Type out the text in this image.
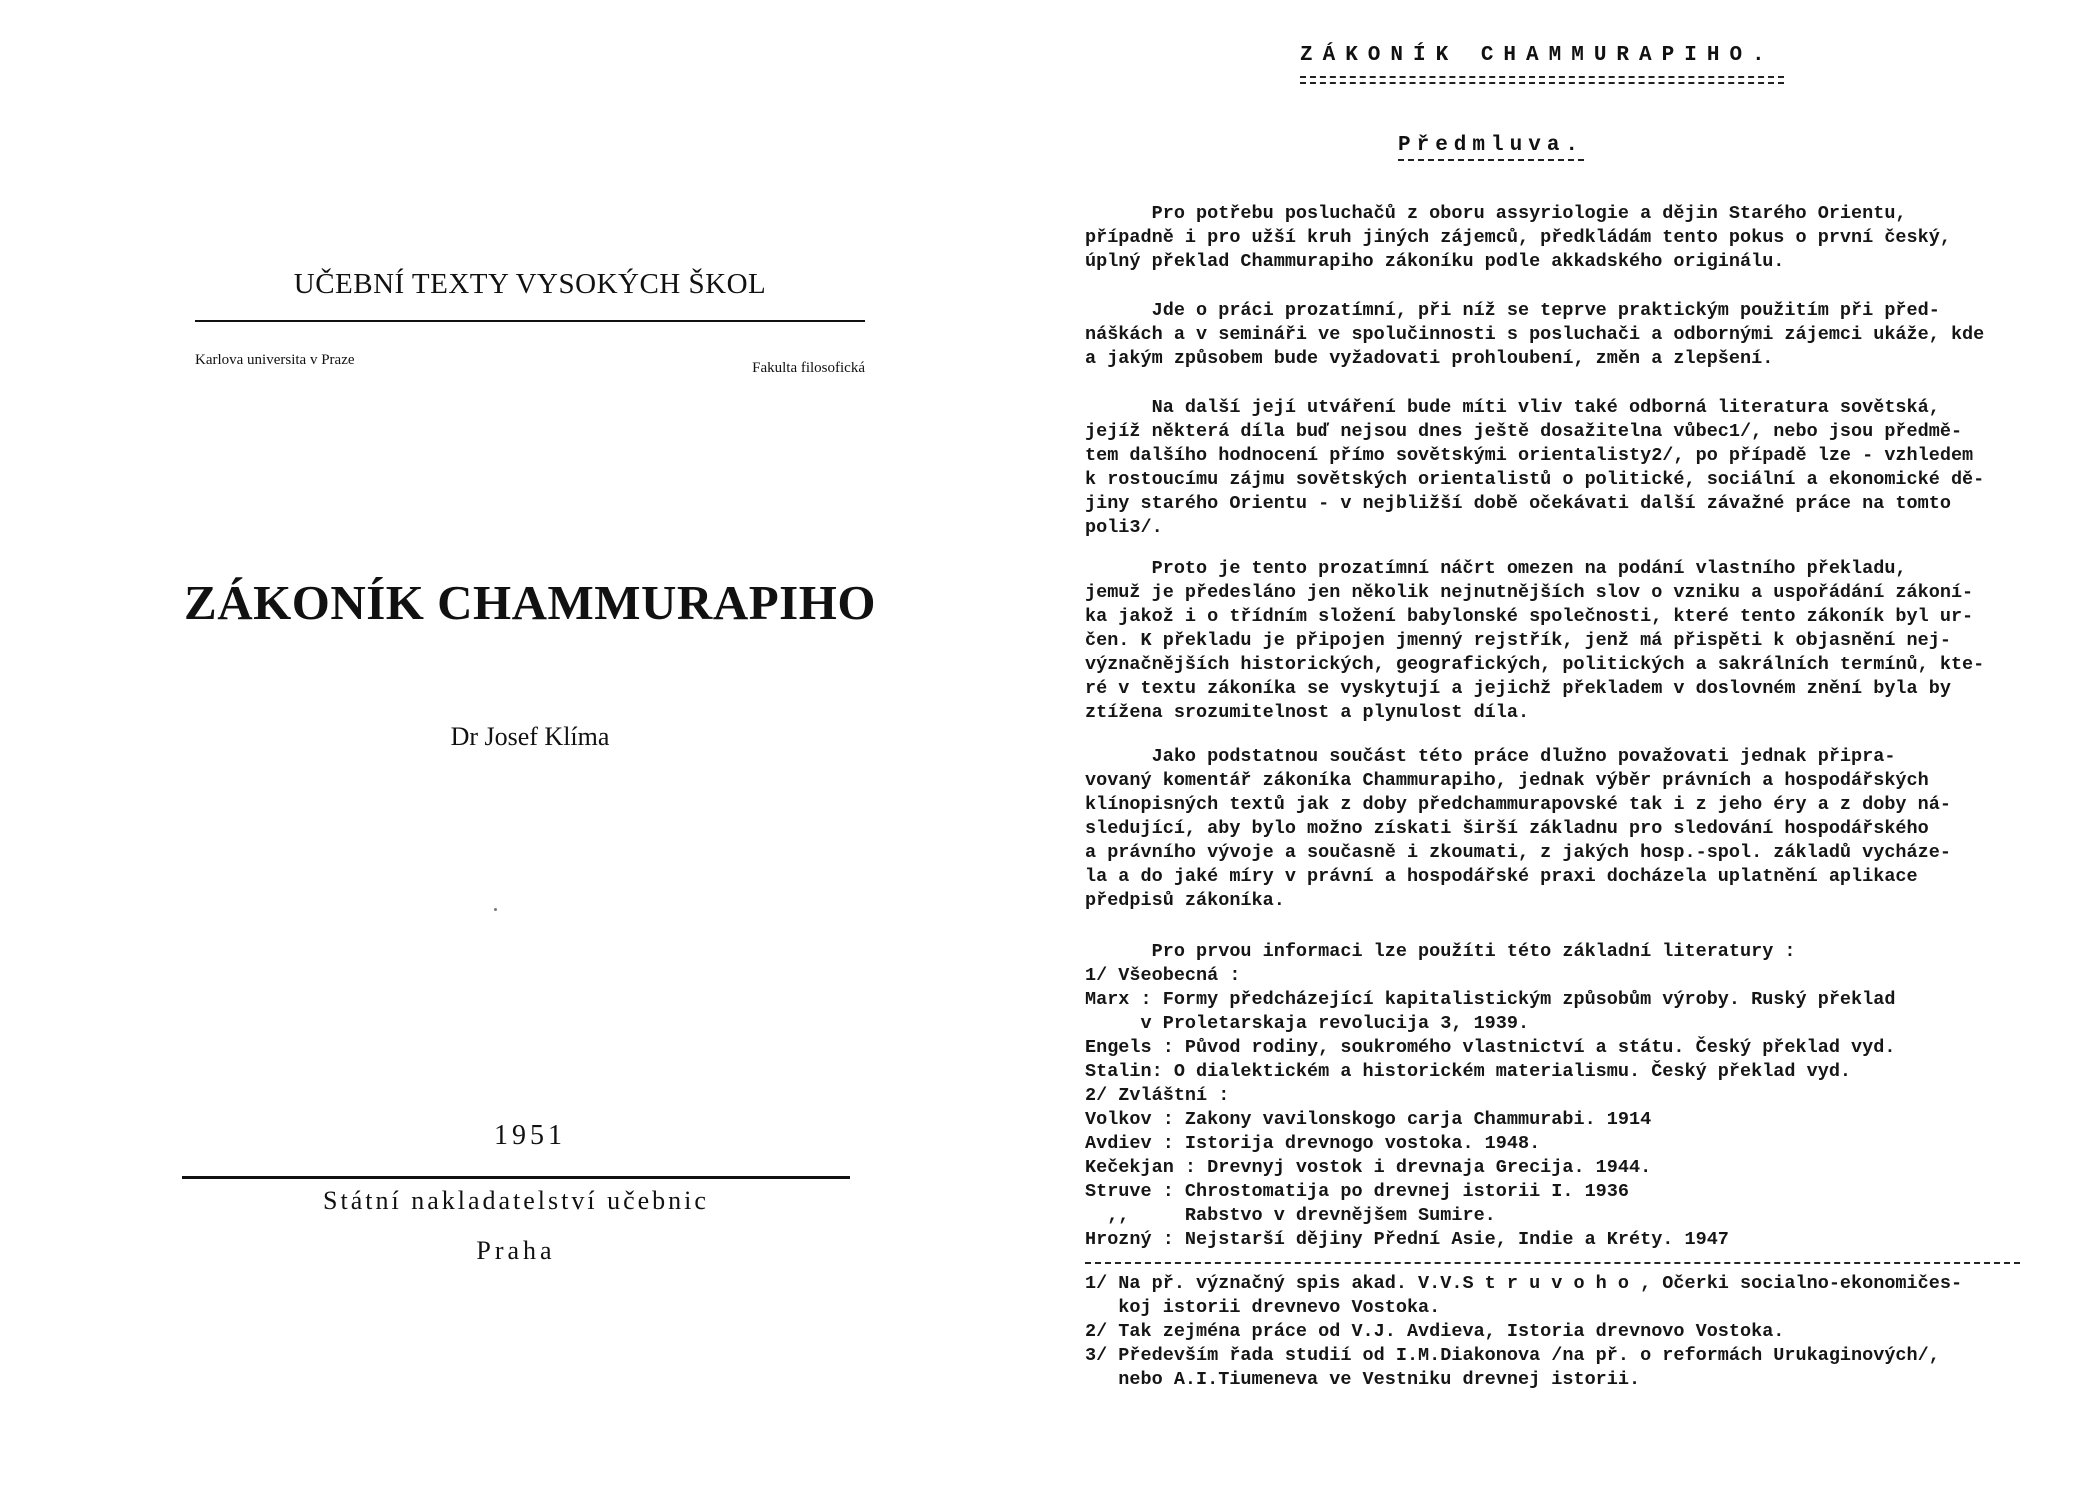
UČEBNÍ TEXTY VYSOKÝCH ŠKOL
Karlova universita v Praze	Fakulta filosofická
ZÁKONÍK CHAMMURAPIHO
Dr Josef Klíma
1951
Státní nakladatelství učebnic
Praha
ZÁKONÍK CHAMMURAPIHO.
Předmluva.
Pro potřebu posluchačů z oboru assyriologie a dějin Starého Orientu,
případně i pro užší kruh jiných zájemců, předkládám tento pokus o první český,
úplný překlad Chammurapiho zákoníku podle akkadského originálu.
Jde o práci prozatímní, při níž se teprve praktickým použitím při před-
náškách a v semináři ve spolučinnosti s posluchači a odbornými zájemci ukáže, kde
a jakým způsobem bude vyžadovati prohloubení, změn a zlepšení.
Na další její utváření bude míti vliv také odborná literatura sovětská,
jejíž některá díla buď nejsou dnes ještě dosažitelna vůbec1/, nebo jsou předmě-
tem dalšího hodnocení přímo sovětskými orientalisty2/, po případě lze - vzhledem
k rostoucímu zájmu sovětských orientalistů o politické, sociální a ekonomické dě-
jiny starého Orientu - v nejbližší době očekávati další závažné práce na tomto
poli3/.
Proto je tento prozatímní náčrt omezen na podání vlastního překladu,
jemuž je předesláno jen několik nejnutnějších slov o vzniku a uspořádání zákoní-
ka jakož i o třídním složení babylonské společnosti, které tento zákoník byl ur-
čen. K překladu je připojen jmenný rejstřík, jenž má přispěti k objasnění nej-
význačnějších historických, geografických, politických a sakrálních termínů, kte-
ré v textu zákoníka se vyskytují a jejichž překladem v doslovném znění byla by
ztížena srozumitelnost a plynulost díla.
Jako podstatnou součást této práce dlužno považovati jednak připra-
vovaný komentář zákoníka Chammurapiho, jednak výběr právních a hospodářských
klínopisných textů jak z doby předchammurapovské tak i z jeho éry a z doby ná-
sledující, aby bylo možno získati širší základnu pro sledování hospodářského
a právního vývoje a současně i zkoumati, z jakých hosp.-spol. základů vycháze-
la a do jaké míry v právní a hospodářské praxi docházela uplatnění aplikace
předpisů zákoníka.
Pro prvou informaci lze použíti této základní literatury :
1/ Všeobecná :
Marx : Formy předcházející kapitalistickým způsobům výroby. Ruský překlad
v Proletarskaja revolucija 3, 1939.
Engels : Původ rodiny, soukromého vlastnictví a státu. Český překlad vyd.
Stalin: O dialektickém a historickém materialismu. Český překlad vyd.
2/ Zvláštní :
Volkov : Zakony vavilonskogo carja Chammurabi. 1914
Avdiev : Istorija drevnogo vostoka. 1948.
Kečekjan : Drevnyj vostok i drevnaja Grecija. 1944.
Struve : Chrostomatija po drevnej istorii I. 1936
,,     Rabstvo v drevnějšem Sumire.
Hrozný : Nejstarší dějiny Přední Asie, Indie a Kréty. 1947
1/ Na př. význačný spis akad. V.V.S t r u v o h o , Očerki socialno-ekonomičes-
koj istorii drevnevo Vostoka.
2/ Tak zejména práce od V.J. Avdieva, Istoria drevnovo Vostoka.
3/ Především řada studií od I.M.Diakonova /na př. o reformách Urukaginových/,
nebo A.I.Tiumeneva ve Vestniku drevnej istorii.
